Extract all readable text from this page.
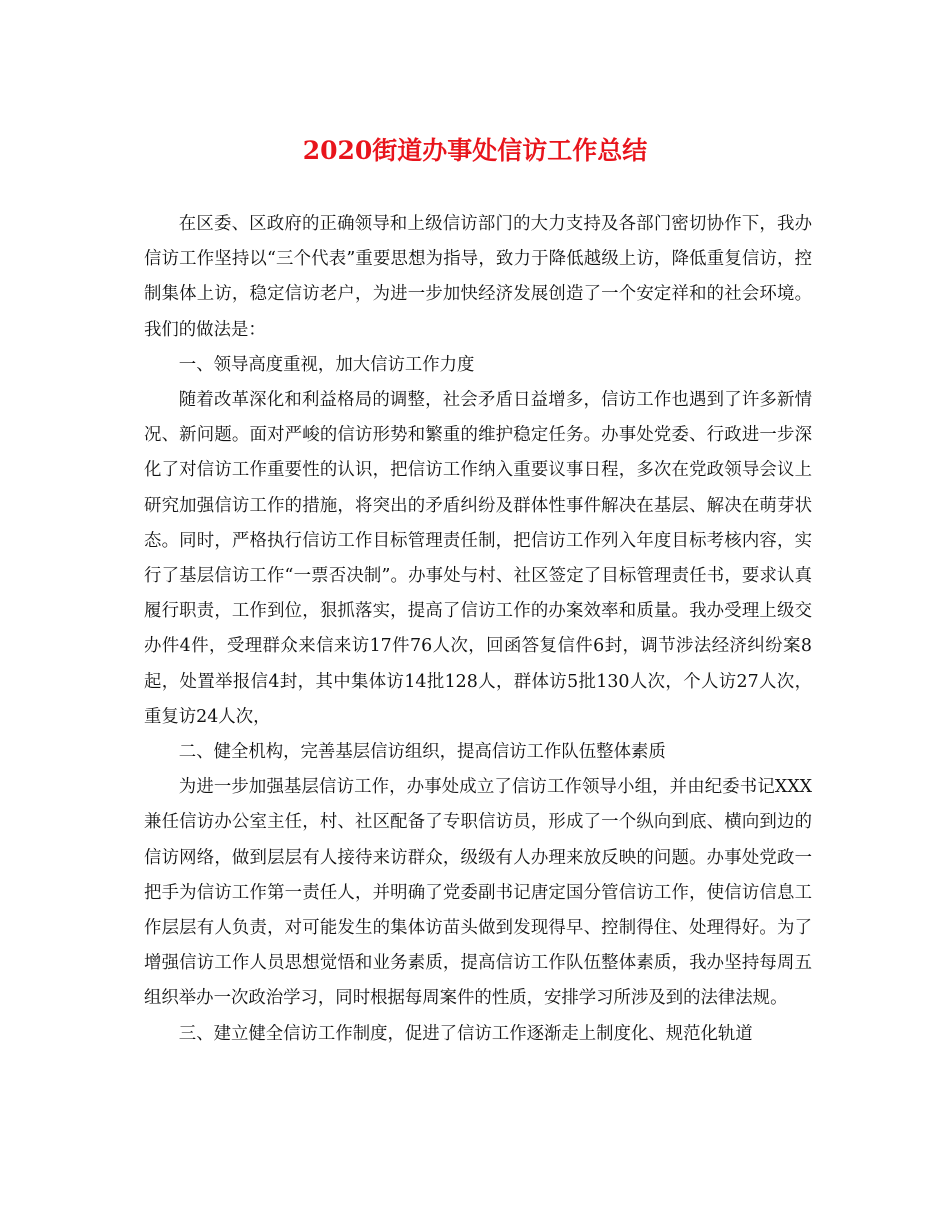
2020街道办事处信访工作总结

在区委、区政府的正确领导和上级信访部门的大力支持及各部门密切协作下，我办信访工作坚持以“三个代表”重要思想为指导，致力于降低越级上访，降低重复信访，控制集体上访，稳定信访老户，为进一步加快经济发展创造了一个安定祥和的社会环境。我们的做法是：

一、领导高度重视，加大信访工作力度

随着改革深化和利益格局的调整，社会矛盾日益增多，信访工作也遇到了许多新情况、新问题。面对严峻的信访形势和繁重的维护稳定任务。办事处党委、行政进一步深化了对信访工作重要性的认识，把信访工作纳入重要议事日程，多次在党政领导会议上研究加强信访工作的措施，将突出的矛盾纠纷及群体性事件解决在基层、解决在萌芽状态。同时，严格执行信访工作目标管理责任制，把信访工作列入年度目标考核内容，实行了基层信访工作“一票否决制”。办事处与村、社区签定了目标管理责任书，要求认真履行职责，工作到位，狠抓落实，提高了信访工作的办案效率和质量。我办受理上级交办件4件，受理群众来信来访17件76人次，回函答复信件6封，调节涉法经济纠纷案8起，处置举报信4封，其中集体访14批128人，群体访5批130人次，个人访27人次，重复访24人次，

二、健全机构，完善基层信访组织，提高信访工作队伍整体素质

为进一步加强基层信访工作，办事处成立了信访工作领导小组，并由纪委书记XXX兼任信访办公室主任，村、社区配备了专职信访员，形成了一个纵向到底、横向到边的信访网络，做到层层有人接待来访群众，级级有人办理来放反映的问题。办事处党政一把手为信访工作第一责任人，并明确了党委副书记唐定国分管信访工作，使信访信息工作层层有人负责，对可能发生的集体访苗头做到发现得早、控制得住、处理得好。为了增强信访工作人员思想觉悟和业务素质，提高信访工作队伍整体素质，我办坚持每周五组织举办一次政治学习，同时根据每周案件的性质，安排学习所涉及到的法律法规。

三、建立健全信访工作制度，促进了信访工作逐渐走上制度化、规范化轨道
